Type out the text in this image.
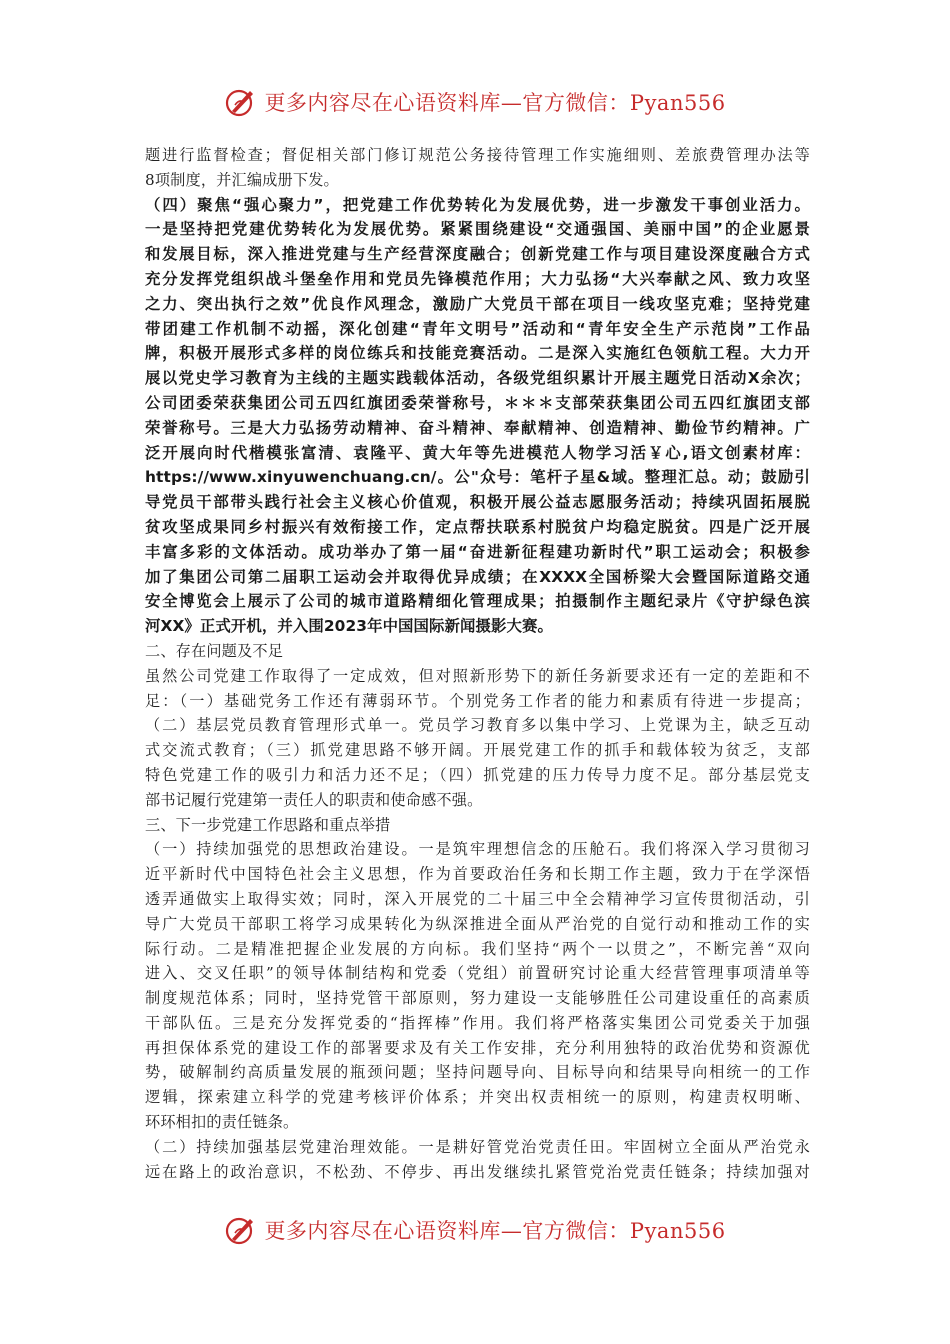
更多内容尽在心语资料库—官方微信：Pyan556
题进行监督检查；督促相关部门修订规范公务接待管理工作实施细则、差旅费管理办法等
8项制度，并汇编成册下发。
（四）聚焦“强心聚力”，把党建工作优势转化为发展优势，进一步激发干事创业活力。
一是坚持把党建优势转化为发展优势。紧紧围绕建设“交通强国、美丽中国”的企业愿景
和发展目标，深入推进党建与生产经营深度融合；创新党建工作与项目建设深度融合方式
充分发挥党组织战斗堡垒作用和党员先锋模范作用；大力弘扬“大兴奉献之风、致力攻坚
之力、突出执行之效”优良作风理念，激励广大党员干部在项目一线攻坚克难；坚持党建
带团建工作机制不动摇，深化创建“青年文明号”活动和“青年安全生产示范岗”工作品
牌，积极开展形式多样的岗位练兵和技能竞赛活动。二是深入实施红色领航工程。大力开
展以党史学习教育为主线的主题实践载体活动，各级党组织累计开展主题党日活动X余次；
公司团委荣获集团公司五四红旗团委荣誉称号，＊＊＊支部荣获集团公司五四红旗团支部
荣誉称号。三是大力弘扬劳动精神、奋斗精神、奉献精神、创造精神、勤俭节约精神。广
泛开展向时代楷模张富清、袁隆平、黄大年等先进模范人物学习活￥心,语文创素材库：
https://www.xinyuwenchuang.cn/。公"众号：笔杆子星&域。整理汇总。动；鼓励引
导党员干部带头践行社会主义核心价值观，积极开展公益志愿服务活动；持续巩固拓展脱
贫攻坚成果同乡村振兴有效衔接工作，定点帮扶联系村脱贫户均稳定脱贫。四是广泛开展
丰富多彩的文体活动。成功举办了第一届“奋进新征程建功新时代”职工运动会；积极参
加了集团公司第二届职工运动会并取得优异成绩；在XXXX全国桥梁大会暨国际道路交通
安全博览会上展示了公司的城市道路精细化管理成果；拍摄制作主题纪录片《守护绿色滨
河XX》正式开机，并入围2023年中国国际新闻摄影大赛。
二、存在问题及不足
虽然公司党建工作取得了一定成效，但对照新形势下的新任务新要求还有一定的差距和不
足：（一）基础党务工作还有薄弱环节。个别党务工作者的能力和素质有待进一步提高；
（二）基层党员教育管理形式单一。党员学习教育多以集中学习、上党课为主，缺乏互动
式交流式教育；（三）抓党建思路不够开阔。开展党建工作的抓手和载体较为贫乏，支部
特色党建工作的吸引力和活力还不足；（四）抓党建的压力传导力度不足。部分基层党支
部书记履行党建第一责任人的职责和使命感不强。
三、下一步党建工作思路和重点举措
（一）持续加强党的思想政治建设。一是筑牢理想信念的压舱石。我们将深入学习贯彻习
近平新时代中国特色社会主义思想，作为首要政治任务和长期工作主题，致力于在学深悟
透弄通做实上取得实效；同时，深入开展党的二十届三中全会精神学习宣传贯彻活动，引
导广大党员干部职工将学习成果转化为纵深推进全面从严治党的自觉行动和推动工作的实
际行动。二是精准把握企业发展的方向标。我们坚持“两个一以贯之”，不断完善“双向
进入、交叉任职”的领导体制结构和党委（党组）前置研究讨论重大经营管理事项清单等
制度规范体系；同时，坚持党管干部原则，努力建设一支能够胜任公司建设重任的高素质
干部队伍。三是充分发挥党委的“指挥棒”作用。我们将严格落实集团公司党委关于加强
再担保体系党的建设工作的部署要求及有关工作安排，充分利用独特的政治优势和资源优
势，破解制约高质量发展的瓶颈问题；坚持问题导向、目标导向和结果导向相统一的工作
逻辑，探索建立科学的党建考核评价体系；并突出权责相统一的原则，构建责权明晰、
环环相扣的责任链条。
（二）持续加强基层党建治理效能。一是耕好管党治党责任田。牢固树立全面从严治党永
远在路上的政治意识，不松劲、不停步、再出发继续扎紧管党治党责任链条；持续加强对
更多内容尽在心语资料库—官方微信：Pyan556
